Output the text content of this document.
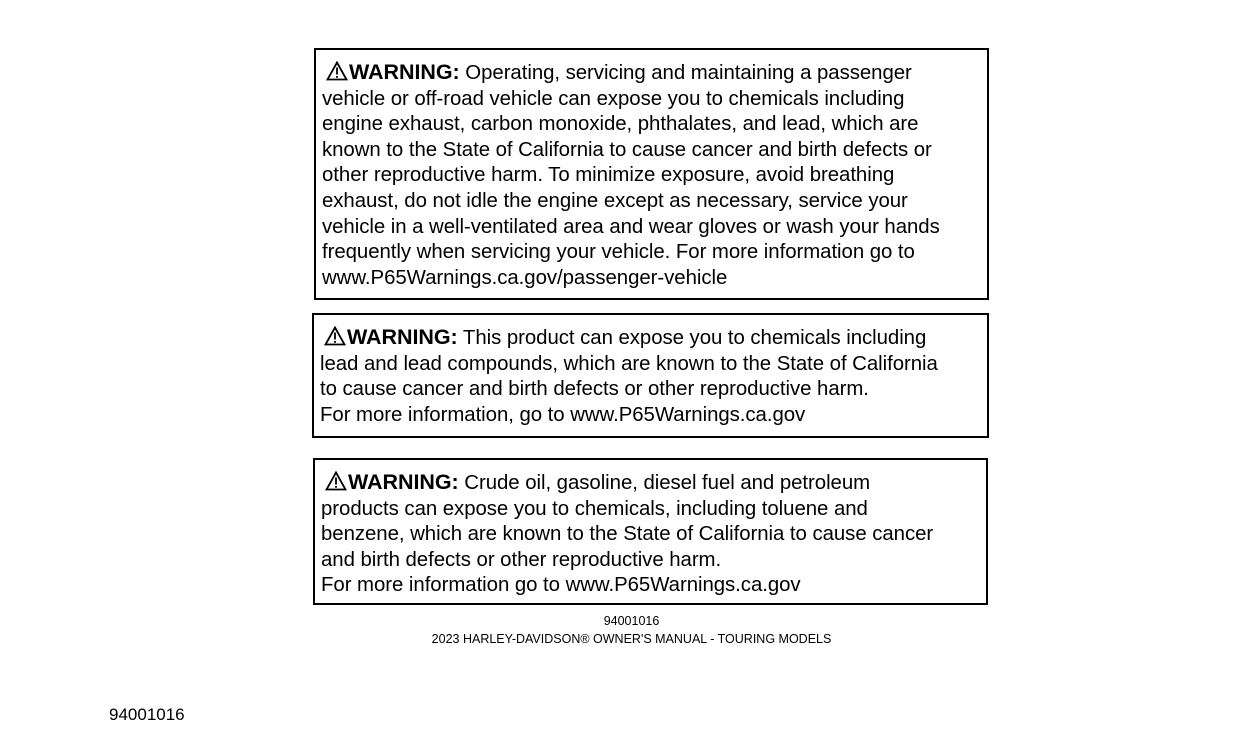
WARNING: Operating, servicing and maintaining a passenger
vehicle or off-road vehicle can expose you to chemicals including
engine exhaust, carbon monoxide, phthalates, and lead, which are
known to the State of California to cause cancer and birth defects or
other reproductive harm. To minimize exposure, avoid breathing
exhaust, do not idle the engine except as necessary, service your
vehicle in a well-ventilated area and wear gloves or wash your hands
frequently when servicing your vehicle. For more information go to
www.P65Warnings.ca.gov/passenger-vehicle
WARNING: This product can expose you to chemicals including
lead and lead compounds, which are known to the State of California
to cause cancer and birth defects or other reproductive harm.
For more information, go to www.P65Warnings.ca.gov
WARNING: Crude oil, gasoline, diesel fuel and petroleum
products can expose you to chemicals, including toluene and
benzene, which are known to the State of California to cause cancer
and birth defects or other reproductive harm.
For more information go to www.P65Warnings.ca.gov
94001016
2023 HARLEY-DAVIDSON® OWNER'S MANUAL - TOURING MODELS
94001016
